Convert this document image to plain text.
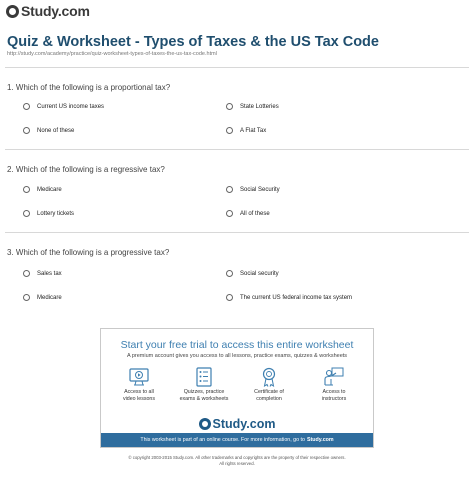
Study.com
Quiz & Worksheet - Types of Taxes & the US Tax Code
http://study.com/academy/practice/quiz-worksheet-types-of-taxes-the-us-tax-code.html
1. Which of the following is a proportional tax?
Current US income taxes	State Lotteries
None of these	A Flat Tax
2. Which of the following is a regressive tax?
Medicare	Social Security
Lottery tickets	All of these
3. Which of the following is a progressive tax?
Sales tax	Social security
Medicare	The current US federal income tax system
Start your free trial to access this entire worksheet
A premium account gives you access to all lessons, practice exams, quizzes & worksheets
Access to all
video lessons
Quizzes, practice
exams & worksheets
Certificate of
completion
Access to
instructors
Study.com
This worksheet is part of an online course. For more information, go to Study.com
© copyright 2003-2015 Study.com. All other trademarks and copyrights are the property of their respective owners.
All rights reserved.
